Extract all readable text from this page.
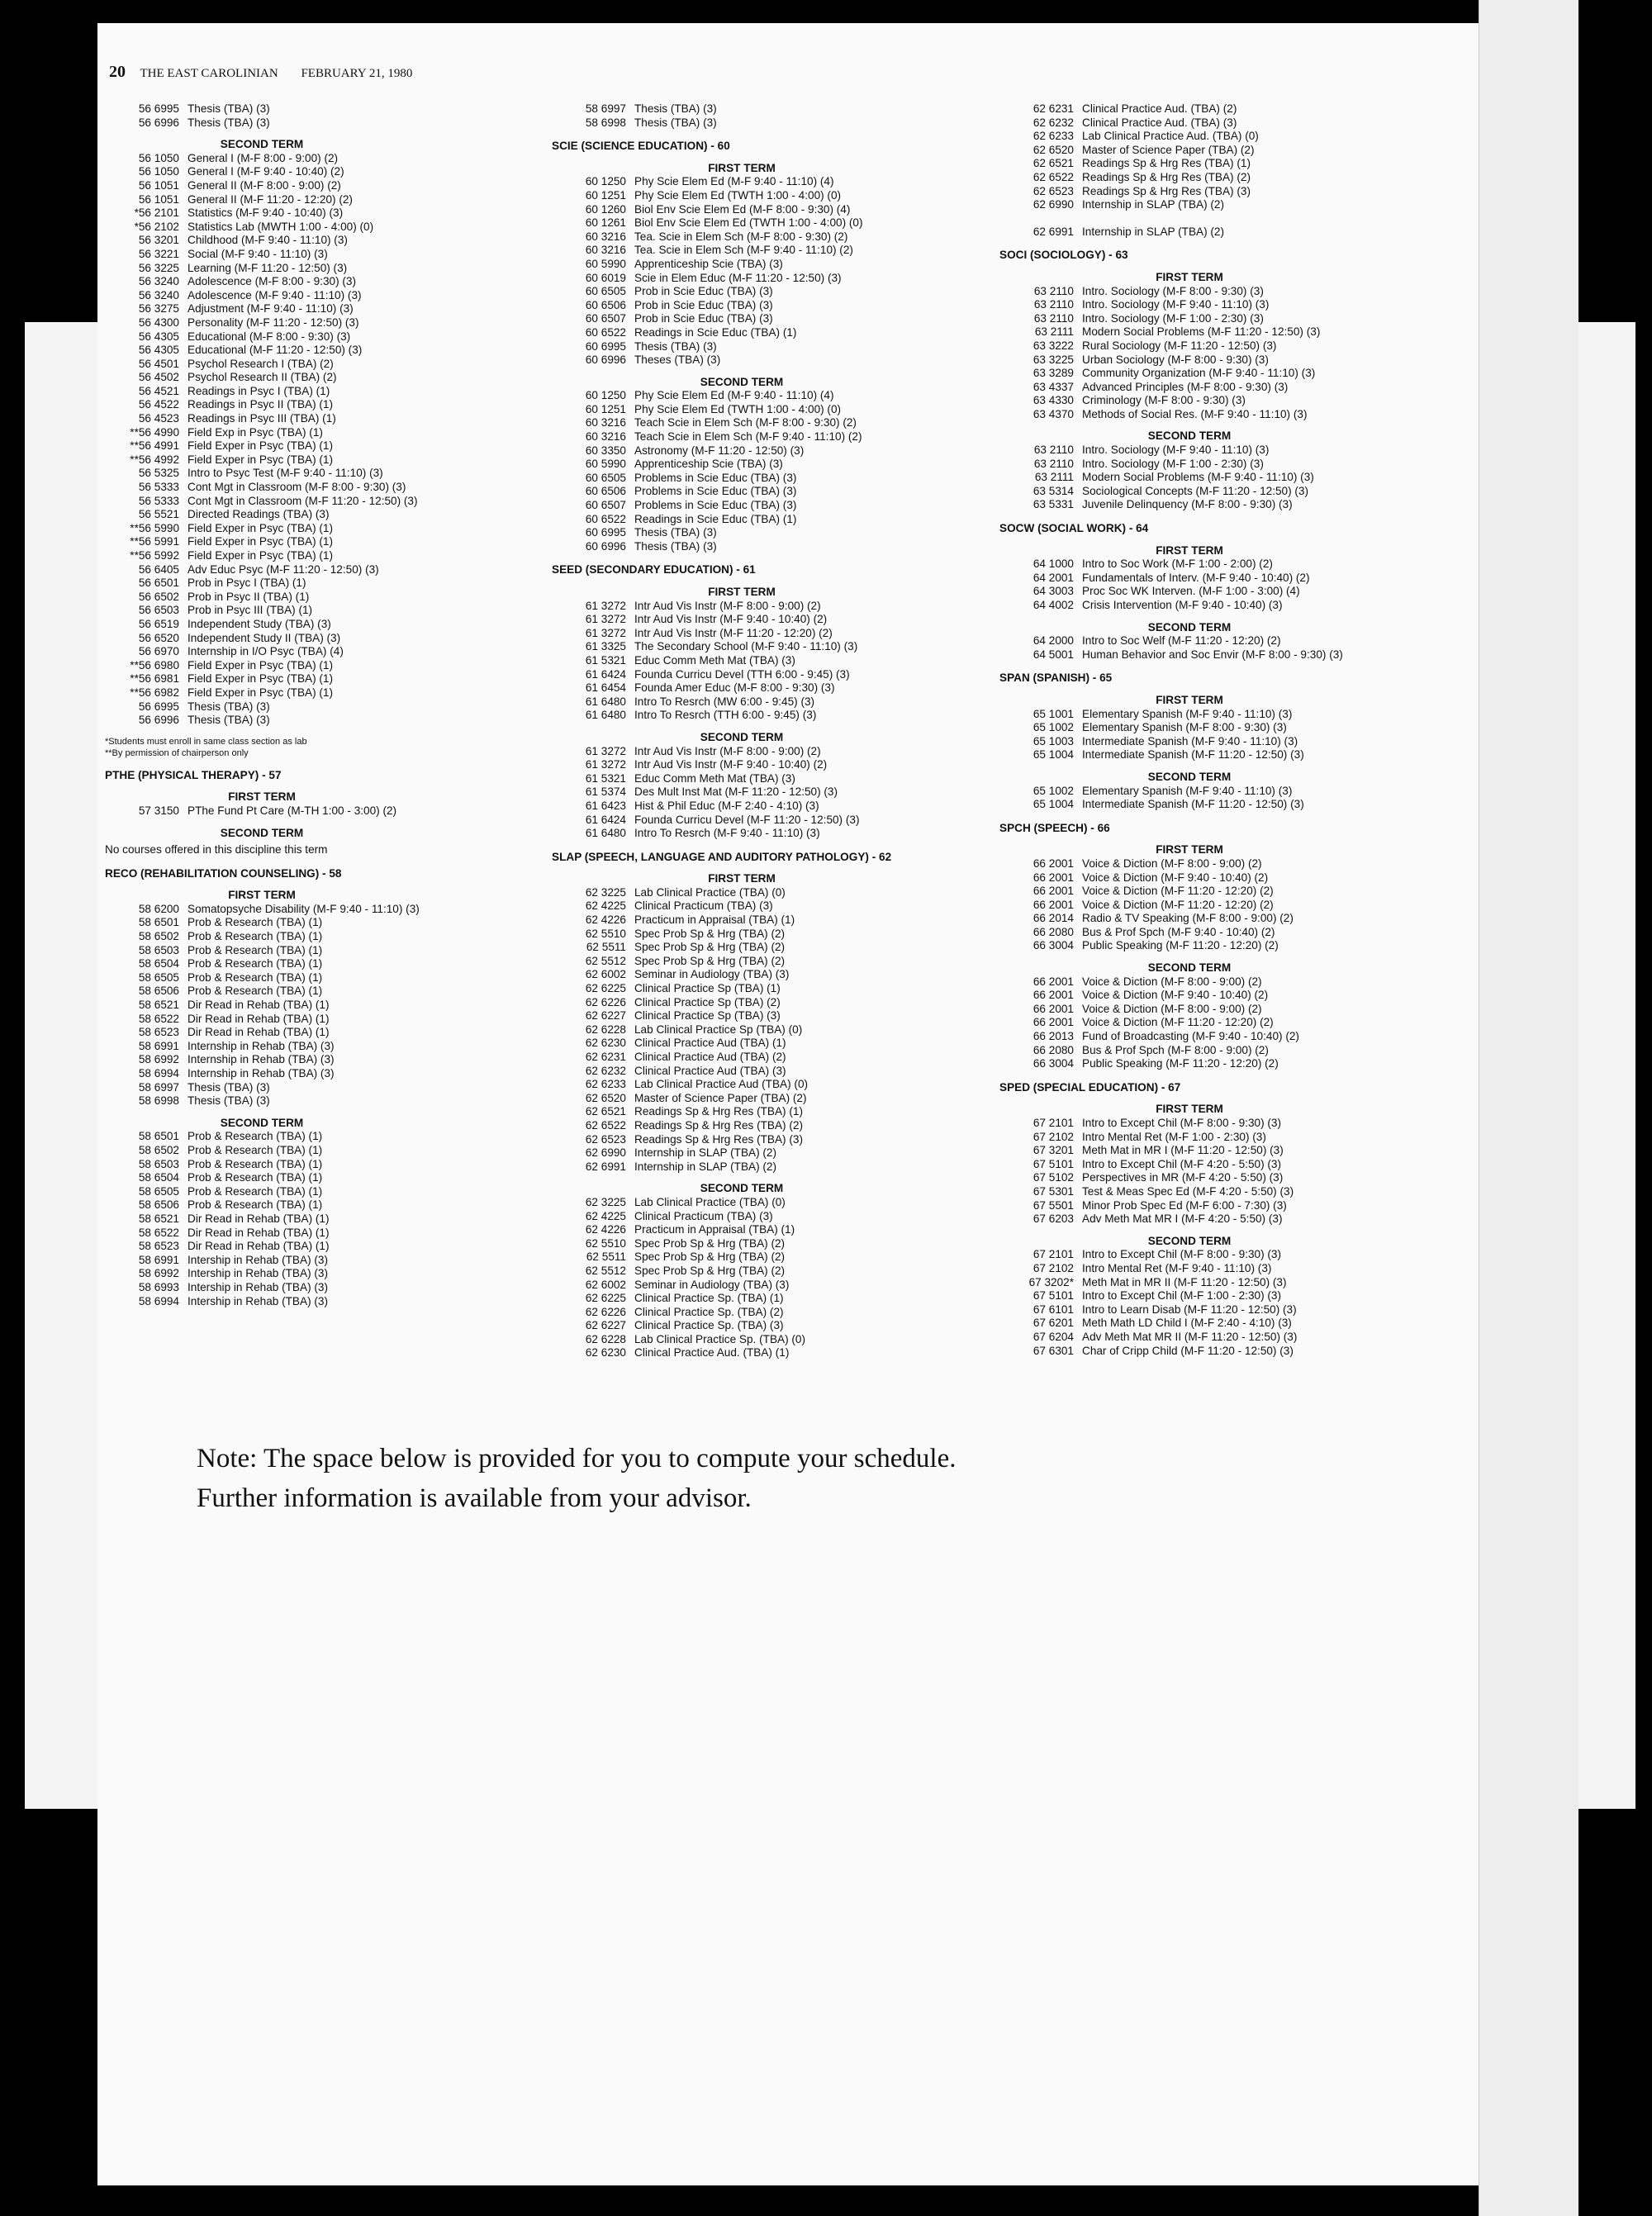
20 THE EAST CAROLINIAN FEBRUARY 21, 1980
56 6995 Thesis (TBA) (3)
56 6996 Thesis (TBA) (3)
SECOND TERM
56 1050 General I (M-F 8:00 - 9:00) (2)
56 1050 General I (M-F 9:40 - 10:40) (2)
56 1051 General II (M-F 8:00 - 9:00) (2)
56 1051 General II (M-F 11:20 - 12:20) (2)
*56 2101 Statistics (M-F 9:40 - 10:40) (3)
*56 2102 Statistics Lab (MWTH 1:00 - 4:00) (0)
56 3201 Childhood (M-F 9:40 - 11:10) (3)
56 3221 Social (M-F 9:40 - 11:10) (3)
56 3225 Learning (M-F 11:20 - 12:50) (3)
56 3240 Adolescence (M-F 8:00 - 9:30) (3)
56 3240 Adolescence (M-F 9:40 - 11:10) (3)
56 3275 Adjustment (M-F 9:40 - 11:10) (3)
56 4300 Personality (M-F 11:20 - 12:50) (3)
56 4305 Educational (M-F 8:00 - 9:30) (3)
56 4305 Educational (M-F 11:20 - 12:50) (3)
56 4501 Psychol Research I (TBA) (2)
56 4502 Psychol Research II (TBA) (2)
56 4521 Readings in Psyc I (TBA) (1)
56 4522 Readings in Psyc II (TBA) (1)
56 4523 Readings in Psyc III (TBA) (1)
**56 4990 Field Exp in Psyc (TBA) (1)
**56 4991 Field Exper in Psyc (TBA) (1)
**56 4992 Field Exper in Psyc (TBA) (1)
56 5325 Intro to Psyc Test (M-F 9:40 - 11:10) (3)
56 5333 Cont Mgt in Classroom (M-F 8:00 - 9:30) (3)
56 5333 Cont Mgt in Classroom (M-F 11:20 - 12:50) (3)
56 5521 Directed Readings (TBA) (3)
**56 5990 Field Exper in Psyc (TBA) (1)
**56 5991 Field Exper in Psyc (TBA) (1)
**56 5992 Field Exper in Psyc (TBA) (1)
56 6405 Adv Educ Psyc (M-F 11:20 - 12:50) (3)
56 6501 Prob in Psyc I (TBA) (1)
56 6502 Prob in Psyc II (TBA) (1)
56 6503 Prob in Psyc III (TBA) (1)
56 6519 Independent Study (TBA) (3)
56 6520 Independent Study II (TBA) (3)
56 6970 Internship in I/O Psyc (TBA) (4)
**56 6980 Field Exper in Psyc (TBA) (1)
**56 6981 Field Exper in Psyc (TBA) (1)
**56 6982 Field Exper in Psyc (TBA) (1)
56 6995 Thesis (TBA) (3)
56 6996 Thesis (TBA) (3)
*Students must enroll in same class section as lab
**By permission of chairperson only
PTHE (PHYSICAL THERAPY) - 57
FIRST TERM
57 3150 PThe Fund Pt Care (M-TH 1:00 - 3:00) (2)
SECOND TERM
No courses offered in this discipline this term
RECO (REHABILITATION COUNSELING) - 58
FIRST TERM
58 6200 Somatopsyche Disability (M-F 9:40 - 11:10) (3)
58 6501 Prob & Research (TBA) (1)
58 6502 Prob & Research (TBA) (1)
58 6503 Prob & Research (TBA) (1)
58 6504 Prob & Research (TBA) (1)
58 6505 Prob & Research (TBA) (1)
58 6506 Prob & Research (TBA) (1)
58 6521 Dir Read in Rehab (TBA) (1)
58 6522 Dir Read in Rehab (TBA) (1)
58 6523 Dir Read in Rehab (TBA) (1)
58 6991 Internship in Rehab (TBA) (3)
58 6992 Internship in Rehab (TBA) (3)
58 6994 Internship in Rehab (TBA) (3)
58 6997 Thesis (TBA) (3)
58 6998 Thesis (TBA) (3)
SECOND TERM
58 6501 Prob & Research (TBA) (1)
58 6502 Prob & Research (TBA) (1)
58 6503 Prob & Research (TBA) (1)
58 6504 Prob & Research (TBA) (1)
58 6505 Prob & Research (TBA) (1)
58 6506 Prob & Research (TBA) (1)
58 6521 Dir Read in Rehab (TBA) (1)
58 6522 Dir Read in Rehab (TBA) (1)
58 6523 Dir Read in Rehab (TBA) (1)
58 6991 Intership in Rehab (TBA) (3)
58 6992 Intership in Rehab (TBA) (3)
58 6993 Intership in Rehab (TBA) (3)
58 6994 Intership in Rehab (TBA) (3)
58 6997 Thesis (TBA) (3)
58 6998 Thesis (TBA) (3)
SCIE (SCIENCE EDUCATION) - 60
FIRST TERM
60 1250 Phy Scie Elem Ed (M-F 9:40 - 11:10) (4)
60 1251 Phy Scie Elem Ed (TWTH 1:00 - 4:00) (0)
60 1260 Biol Env Scie Elem Ed (M-F 8:00 - 9:30) (4)
60 1261 Biol Env Scie Elem Ed (TWTH 1:00 - 4:00) (0)
60 3216 Tea. Scie in Elem Sch (M-F 8:00 - 9:30) (2)
60 3216 Tea. Scie in Elem Sch (M-F 9:40 - 11:10) (2)
60 5990 Apprenticeship Scie (TBA) (3)
60 6019 Scie in Elem Educ (M-F 11:20 - 12:50) (3)
60 6505 Prob in Scie Educ (TBA) (3)
60 6506 Prob in Scie Educ (TBA) (3)
60 6507 Prob in Scie Educ (TBA) (3)
60 6522 Readings in Scie Educ (TBA) (1)
60 6995 Thesis (TBA) (3)
60 6996 Theses (TBA) (3)
SECOND TERM
60 1250 Phy Scie Elem Ed (M-F 9:40 - 11:10) (4)
60 1251 Phy Scie Elem Ed (TWTH 1:00 - 4:00) (0)
60 3216 Teach Scie in Elem Sch (M-F 8:00 - 9:30) (2)
60 3216 Teach Scie in Elem Sch (M-F 9:40 - 11:10) (2)
60 3350 Astronomy (M-F 11:20 - 12:50) (3)
60 5990 Apprenticeship Scie (TBA) (3)
60 6505 Problems in Scie Educ (TBA) (3)
60 6506 Problems in Scie Educ (TBA) (3)
60 6507 Problems in Scie Educ (TBA) (3)
60 6522 Readings in Scie Educ (TBA) (1)
60 6995 Thesis (TBA) (3)
60 6996 Thesis (TBA) (3)
SEED (SECONDARY EDUCATION) - 61
FIRST TERM
61 3272 Intr Aud Vis Instr (M-F 8:00 - 9:00) (2)
61 3272 Intr Aud Vis Instr (M-F 9:40 - 10:40) (2)
61 3272 Intr Aud Vis Instr (M-F 11:20 - 12:20) (2)
61 3325 The Secondary School (M-F 9:40 - 11:10) (3)
61 5321 Educ Comm Meth Mat (TBA) (3)
61 6424 Founda Curricu Devel (TTH 6:00 - 9:45) (3)
61 6454 Founda Amer Educ (M-F 8:00 - 9:30) (3)
61 6480 Intro To Resrch (MW 6:00 - 9:45) (3)
61 6480 Intro To Resrch (TTH 6:00 - 9:45) (3)
SECOND TERM
61 3272 Intr Aud Vis Instr (M-F 8:00 - 9:00) (2)
61 3272 Intr Aud Vis Instr (M-F 9:40 - 10:40) (2)
61 5321 Educ Comm Meth Mat (TBA) (3)
61 5374 Des Mult Inst Mat (M-F 11:20 - 12:50) (3)
61 6423 Hist & Phil Educ (M-F 2:40 - 4:10) (3)
61 6424 Founda Curricu Devel (M-F 11:20 - 12:50) (3)
61 6480 Intro To Resrch (M-F 9:40 - 11:10) (3)
SLAP (SPEECH, LANGUAGE AND AUDITORY PATHOLOGY) - 62
FIRST TERM
62 3225 Lab Clinical Practice (TBA) (0)
62 4225 Clinical Practicum (TBA) (3)
62 4226 Practicum in Appraisal (TBA) (1)
62 5510 Spec Prob Sp & Hrg (TBA) (2)
62 5511 Spec Prob Sp & Hrg (TBA) (2)
62 5512 Spec Prob Sp & Hrg (TBA) (2)
62 6002 Seminar in Audiology (TBA) (3)
62 6225 Clinical Practice Sp (TBA) (1)
62 6226 Clinical Practice Sp (TBA) (2)
62 6227 Clinical Practice Sp (TBA) (3)
62 6228 Lab Clinical Practice Sp (TBA) (0)
62 6230 Clinical Practice Aud (TBA) (1)
62 6231 Clinical Practice Aud (TBA) (2)
62 6232 Clinical Practice Aud (TBA) (3)
62 6233 Lab Clinical Practice Aud (TBA) (0)
62 6520 Master of Science Paper (TBA) (2)
62 6521 Readings Sp & Hrg Res (TBA) (1)
62 6522 Readings Sp & Hrg Res (TBA) (2)
62 6523 Readings Sp & Hrg Res (TBA) (3)
62 6990 Internship in SLAP (TBA) (2)
62 6991 Internship in SLAP (TBA) (2)
SECOND TERM
62 3225 Lab Clinical Practice (TBA) (0)
62 4225 Clinical Practicum (TBA) (3)
62 4226 Practicum in Appraisal (TBA) (1)
62 5510 Spec Prob Sp & Hrg (TBA) (2)
62 5511 Spec Prob Sp & Hrg (TBA) (2)
62 5512 Spec Prob Sp & Hrg (TBA) (2)
62 6002 Seminar in Audiology (TBA) (3)
62 6225 Clinical Practice Sp. (TBA) (1)
62 6226 Clinical Practice Sp. (TBA) (2)
62 6227 Clinical Practice Sp. (TBA) (3)
62 6228 Lab Clinical Practice Sp. (TBA) (0)
62 6230 Clinical Practice Aud. (TBA) (1)
62 6231 Clinical Practice Aud. (TBA) (2)
62 6232 Clinical Practice Aud. (TBA) (3)
62 6233 Lab Clinical Practice Aud. (TBA) (0)
62 6520 Master of Science Paper (TBA) (2)
62 6521 Readings Sp & Hrg Res (TBA) (1)
62 6522 Readings Sp & Hrg Res (TBA) (2)
62 6523 Readings Sp & Hrg Res (TBA) (3)
62 6990 Internship in SLAP (TBA) (2)
62 6991 Internship in SLAP (TBA) (2)
SOCI (SOCIOLOGY) - 63
FIRST TERM
63 2110 Intro. Sociology (M-F 8:00 - 9:30) (3)
63 2110 Intro. Sociology (M-F 9:40 - 11:10) (3)
63 2110 Intro. Sociology (M-F 1:00 - 2:30) (3)
63 2111 Modern Social Problems (M-F 11:20 - 12:50) (3)
63 3222 Rural Sociology (M-F 11:20 - 12:50) (3)
63 3225 Urban Sociology (M-F 8:00 - 9:30) (3)
63 3289 Community Organization (M-F 9:40 - 11:10) (3)
63 4337 Advanced Principles (M-F 8:00 - 9:30) (3)
63 4330 Criminology (M-F 8:00 - 9:30) (3)
63 4370 Methods of Social Res. (M-F 9:40 - 11:10) (3)
SECOND TERM
63 2110 Intro. Sociology (M-F 9:40 - 11:10) (3)
63 2110 Intro. Sociology (M-F 1:00 - 2:30) (3)
63 2111 Modern Social Problems (M-F 9:40 - 11:10) (3)
63 5314 Sociological Concepts (M-F 11:20 - 12:50) (3)
63 5331 Juvenile Delinquency (M-F 8:00 - 9:30) (3)
SOCW (SOCIAL WORK) - 64
FIRST TERM
64 1000 Intro to Soc Work (M-F 1:00 - 2:00) (2)
64 2001 Fundamentals of Interv. (M-F 9:40 - 10:40) (2)
64 3003 Proc Soc WK Interven. (M-F 1:00 - 3:00) (4)
64 4002 Crisis Intervention (M-F 9:40 - 10:40) (3)
SECOND TERM
64 2000 Intro to Soc Welf (M-F 11:20 - 12:20) (2)
64 5001 Human Behavior and Soc Envir (M-F 8:00 - 9:30) (3)
SPAN (SPANISH) - 65
FIRST TERM
65 1001 Elementary Spanish (M-F 9:40 - 11:10) (3)
65 1002 Elementary Spanish (M-F 8:00 - 9:30) (3)
65 1003 Intermediate Spanish (M-F 9:40 - 11:10) (3)
65 1004 Intermediate Spanish (M-F 11:20 - 12:50) (3)
SECOND TERM
65 1002 Elementary Spanish (M-F 9:40 - 11:10) (3)
65 1004 Intermediate Spanish (M-F 11:20 - 12:50) (3)
SPCH (SPEECH) - 66
FIRST TERM
66 2001 Voice & Diction (M-F 8:00 - 9:00) (2)
66 2001 Voice & Diction (M-F 9:40 - 10:40) (2)
66 2001 Voice & Diction (M-F 11:20 - 12:20) (2)
66 2001 Voice & Diction (M-F 11:20 - 12:20) (2)
66 2014 Radio & TV Speaking (M-F 8:00 - 9:00) (2)
66 2080 Bus & Prof Spch (M-F 9:40 - 10:40) (2)
66 3004 Public Speaking (M-F 11:20 - 12:20) (2)
SECOND TERM
66 2001 Voice & Diction (M-F 8:00 - 9:00) (2)
66 2001 Voice & Diction (M-F 9:40 - 10:40) (2)
66 2001 Voice & Diction (M-F 8:00 - 9:00) (2)
66 2001 Voice & Diction (M-F 11:20 - 12:20) (2)
66 2013 Fund of Broadcasting (M-F 9:40 - 10:40) (2)
66 2080 Bus & Prof Spch (M-F 8:00 - 9:00) (2)
66 3004 Public Speaking (M-F 11:20 - 12:20) (2)
SPED (SPECIAL EDUCATION) - 67
FIRST TERM
67 2101 Intro to Except Chil (M-F 8:00 - 9:30) (3)
67 2102 Intro Mental Ret (M-F 1:00 - 2:30) (3)
67 3201 Meth Mat in MR I (M-F 11:20 - 12:50) (3)
67 5101 Intro to Except Chil (M-F 4:20 - 5:50) (3)
67 5102 Perspectives in MR (M-F 4:20 - 5:50) (3)
67 5301 Test & Meas Spec Ed (M-F 4:20 - 5:50) (3)
67 5501 Minor Prob Spec Ed (M-F 6:00 - 7:30) (3)
67 6203 Adv Meth Mat MR I (M-F 4:20 - 5:50) (3)
SECOND TERM
67 2101 Intro to Except Chil (M-F 8:00 - 9:30) (3)
67 2102 Intro Mental Ret (M-F 9:40 - 11:10) (3)
67 3202* Meth Mat in MR II (M-F 11:20 - 12:50) (3)
67 5101 Intro to Except Chil (M-F 1:00 - 2:30) (3)
67 6101 Intro to Learn Disab (M-F 11:20 - 12:50) (3)
67 6201 Meth Math LD Child I (M-F 2:40 - 4:10) (3)
67 6204 Adv Meth Mat MR II (M-F 11:20 - 12:50) (3)
67 6301 Char of Cripp Child (M-F 11:20 - 12:50) (3)
Note: The space below is provided for you to compute your schedule.
Further information is available from your advisor.
